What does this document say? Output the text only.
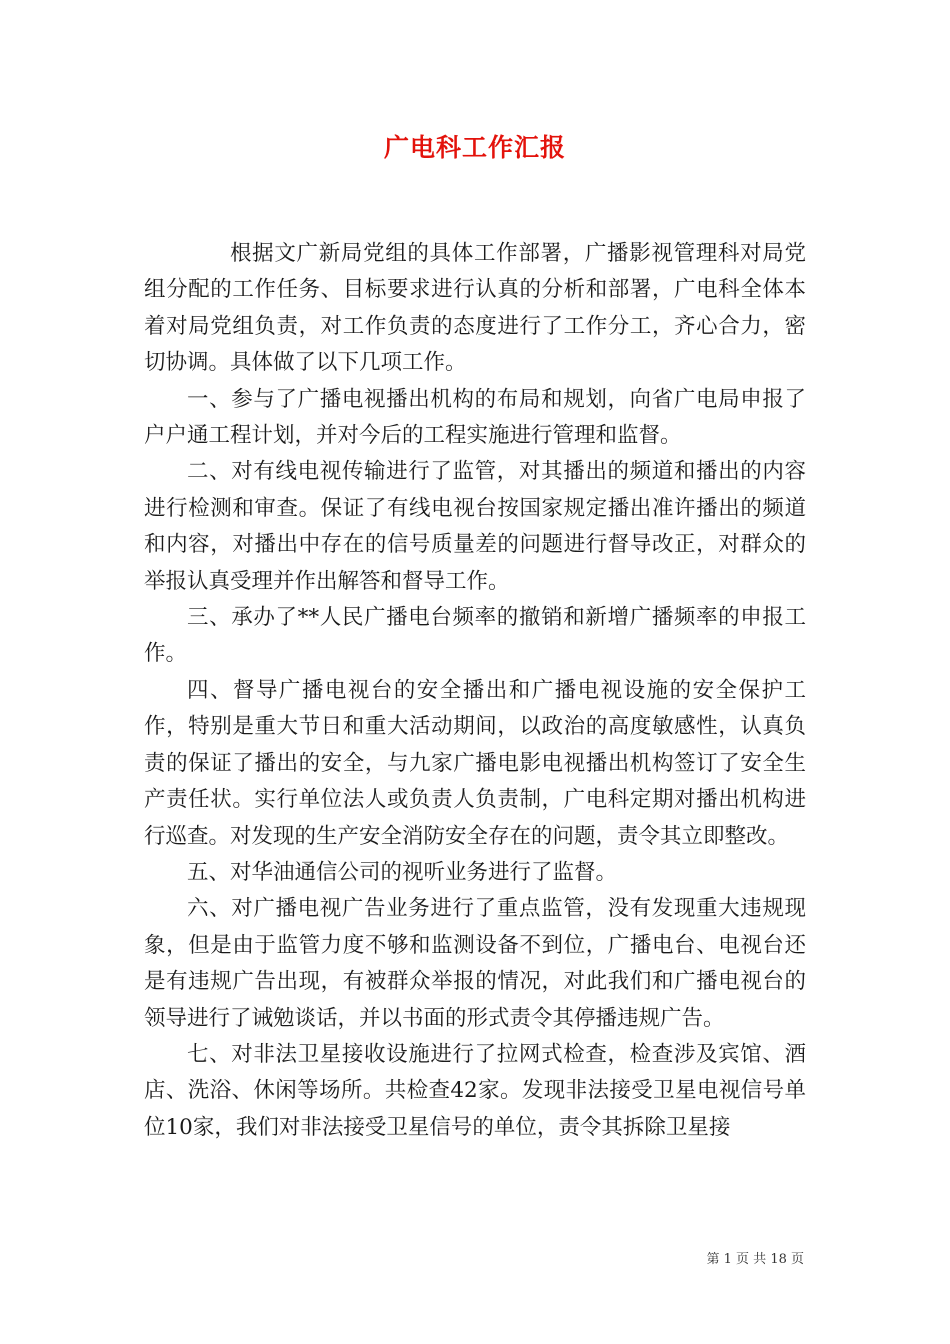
广电科工作汇报

根据文广新局党组的具体工作部署，广播影视管理科对局党组分配的工作任务、目标要求进行认真的分析和部署，广电科全体本着对局党组负责，对工作负责的态度进行了工作分工，齐心合力，密切协调。具体做了以下几项工作。

一、参与了广播电视播出机构的布局和规划，向省广电局申报了户户通工程计划，并对今后的工程实施进行管理和监督。

二、对有线电视传输进行了监管，对其播出的频道和播出的内容进行检测和审查。保证了有线电视台按国家规定播出准许播出的频道和内容，对播出中存在的信号质量差的问题进行督导改正，对群众的举报认真受理并作出解答和督导工作。

三、承办了**人民广播电台频率的撤销和新增广播频率的申报工作。

四、督导广播电视台的安全播出和广播电视设施的安全保护工作，特别是重大节日和重大活动期间，以政治的高度敏感性，认真负责的保证了播出的安全，与九家广播电影电视播出机构签订了安全生产责任状。实行单位法人或负责人负责制，广电科定期对播出机构进行巡查。对发现的生产安全消防安全存在的问题，责令其立即整改。

五、对华油通信公司的视听业务进行了监督。

六、对广播电视广告业务进行了重点监管，没有发现重大违规现象，但是由于监管力度不够和监测设备不到位，广播电台、电视台还是有违规广告出现，有被群众举报的情况，对此我们和广播电视台的领导进行了诫勉谈话，并以书面的形式责令其停播违规广告。

七、对非法卫星接收设施进行了拉网式检查，检查涉及宾馆、酒店、洗浴、休闲等场所。共检查42家。发现非法接受卫星电视信号单位10家，我们对非法接受卫星信号的单位，责令其拆除卫星接

第 1 页 共 18 页
